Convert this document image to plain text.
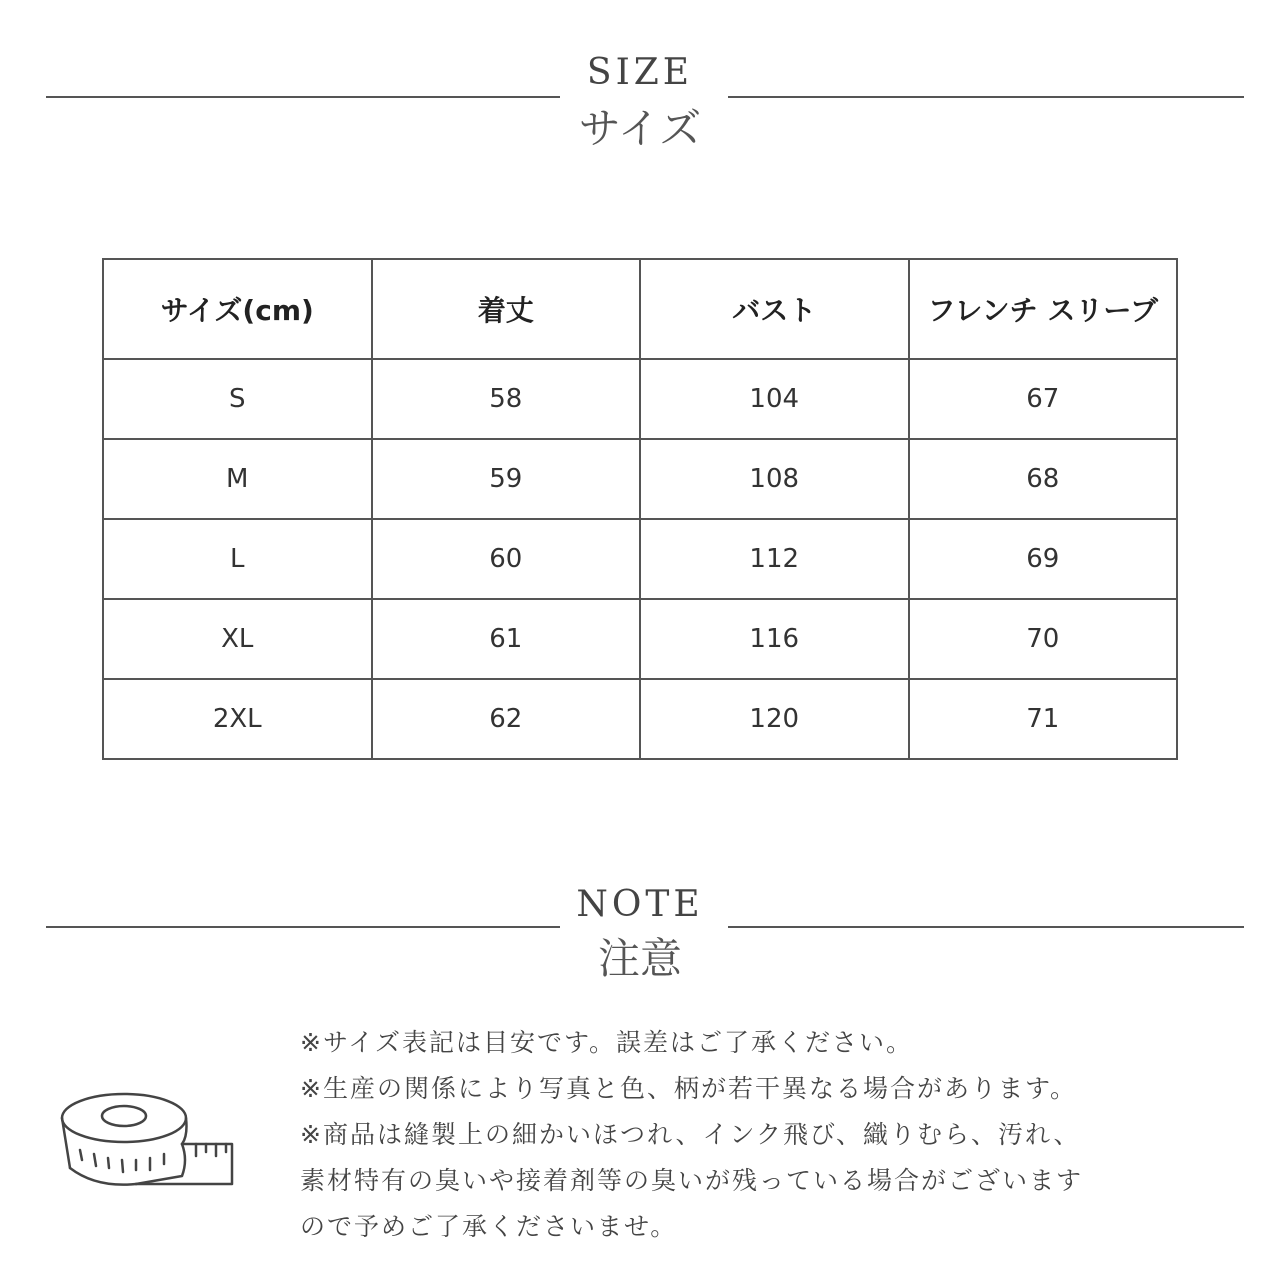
SIZE
サイズ
サイズ(cm)	着丈	バスト	フレンチ スリーブ
S	58	104	67
M	59	108	68
L	60	112	69
XL	61	116	70
2XL	62	120	71
NOTE
注意
※サイズ表記は目安です。誤差はご了承ください。
※生産の関係により写真と色、柄が若干異なる場合があります。
※商品は縫製上の細かいほつれ、インク飛び、織りむら、汚れ、
素材特有の臭いや接着剤等の臭いが残っている場合がございます
ので予めご了承くださいませ。
